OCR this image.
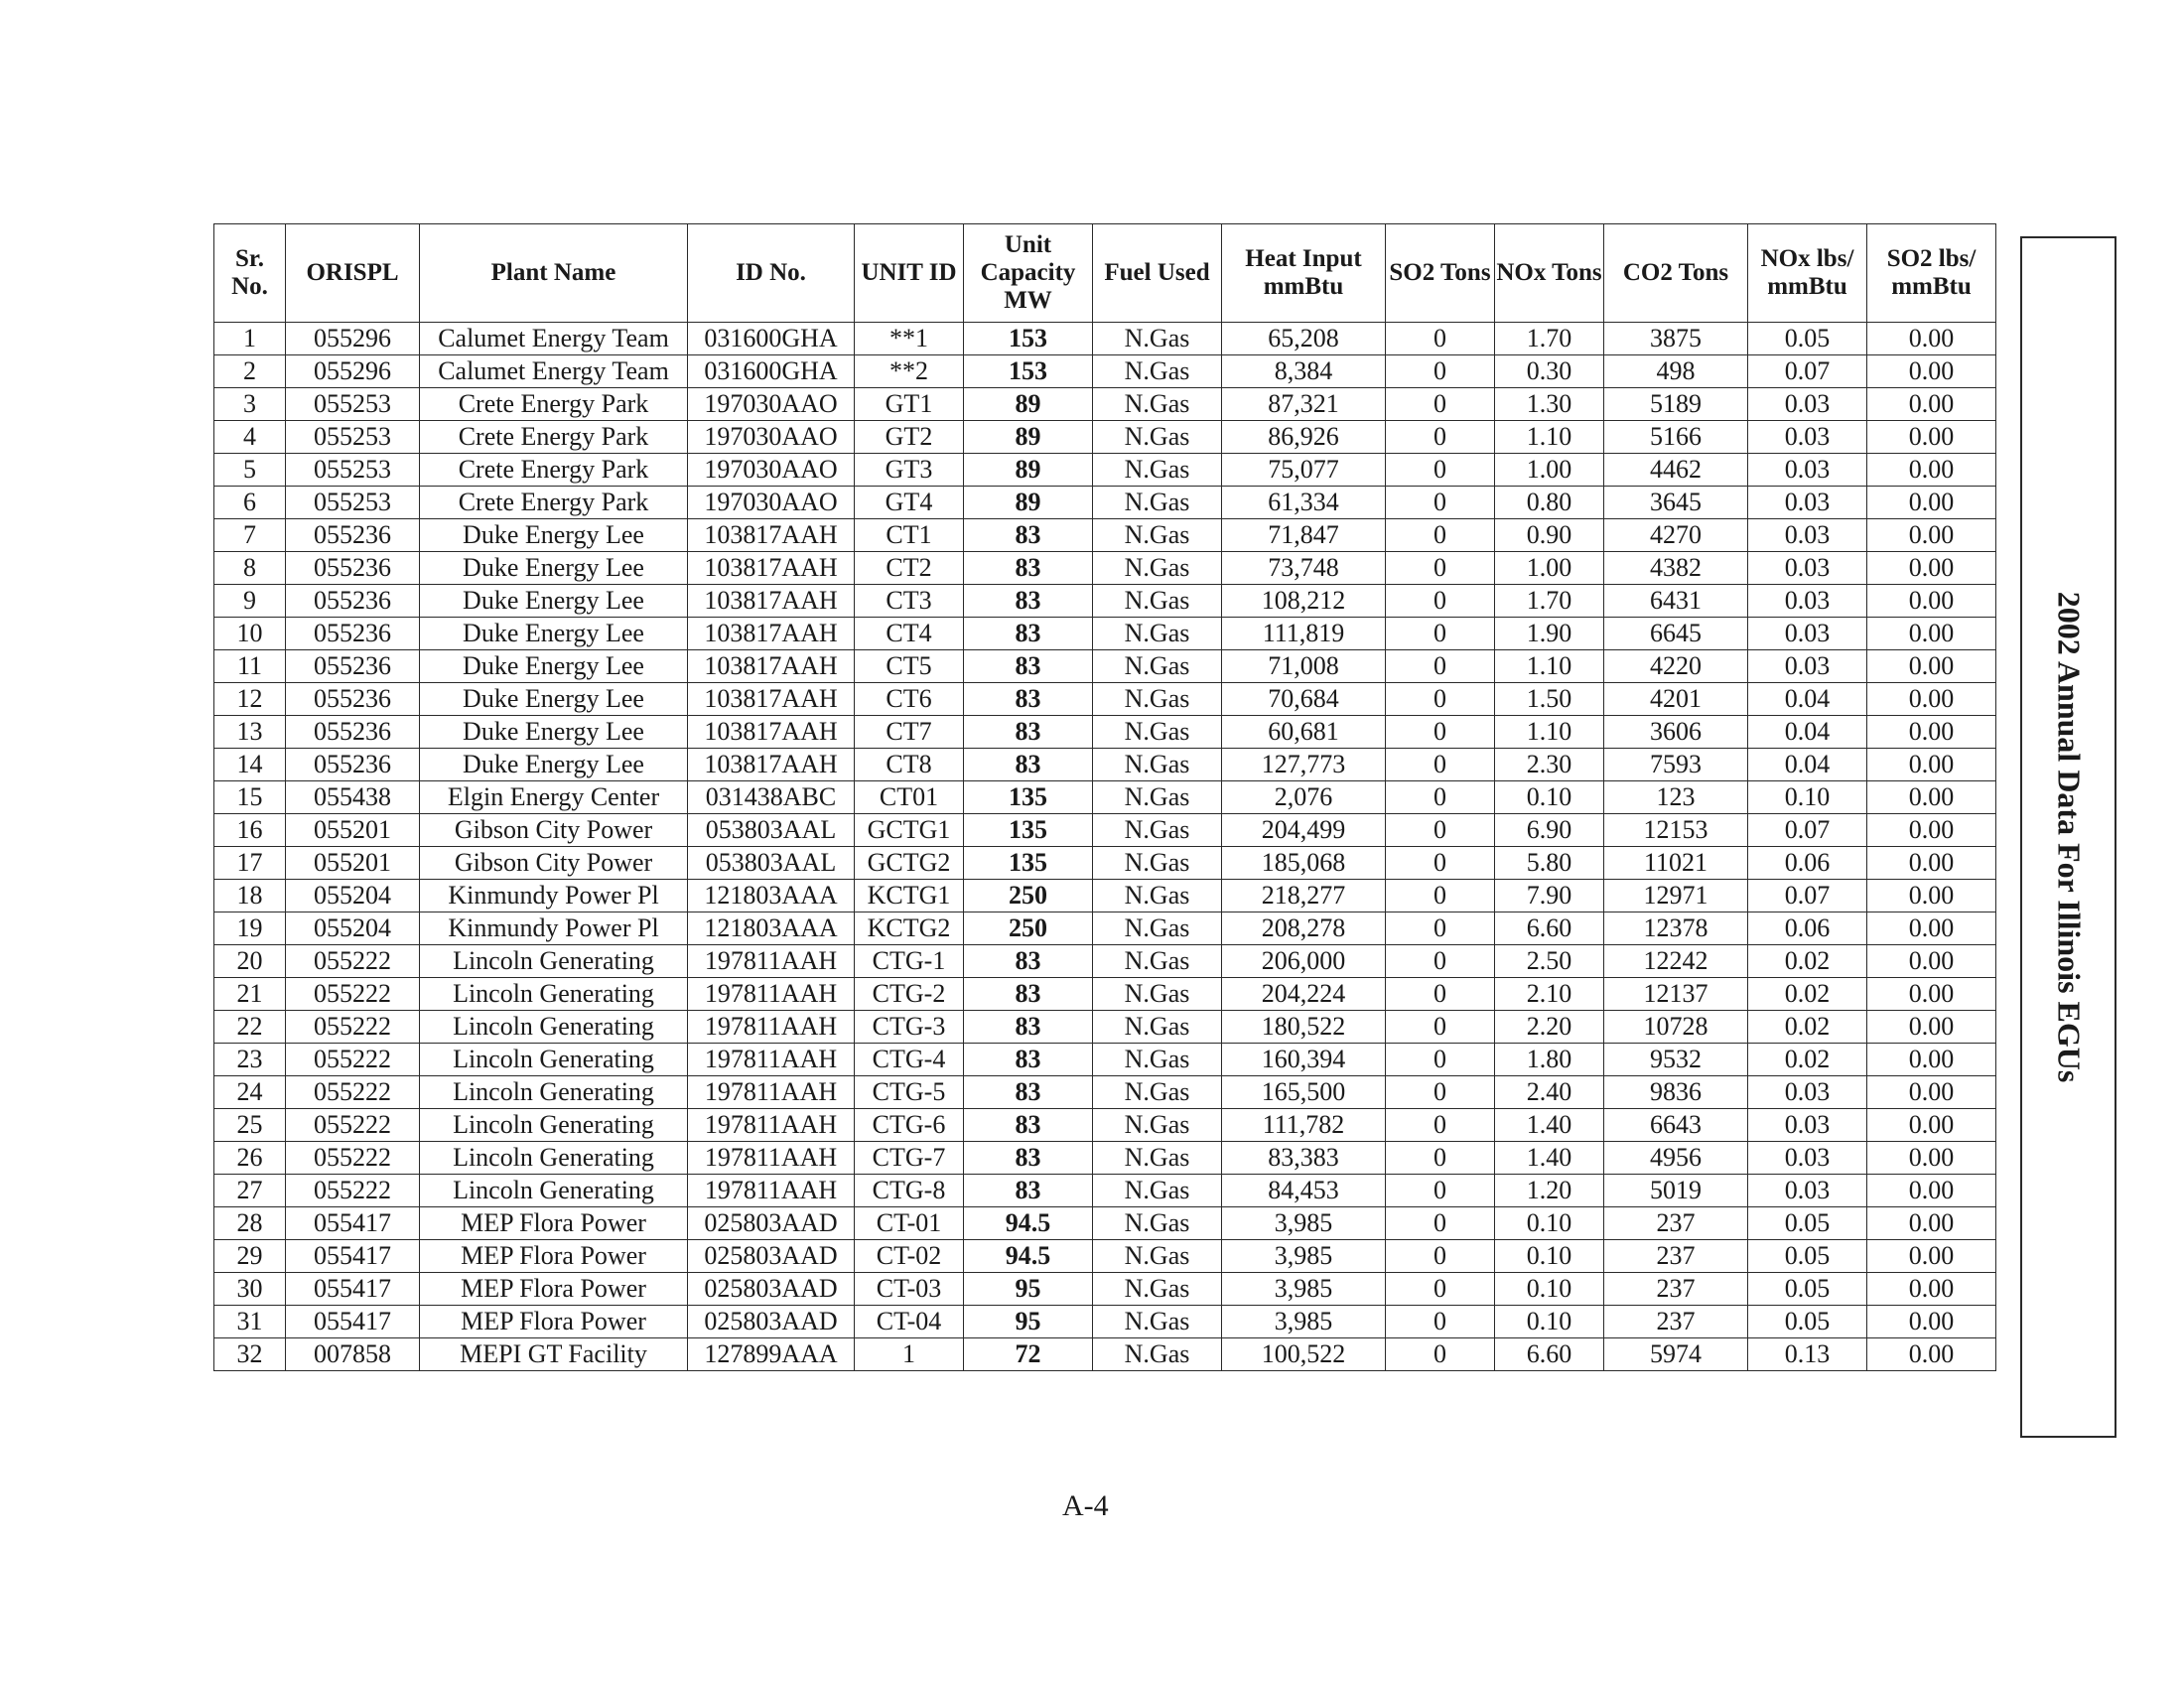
Sr. No.	ORISPL	Plant Name	ID No.	UNIT ID	Unit Capacity MW	Fuel Used	Heat Input mmBtu	SO2 Tons	NOx Tons	CO2 Tons	NOx lbs/ mmBtu	SO2 lbs/ mmBtu
1	055296	Calumet Energy Team	031600GHA	**1	153	N.Gas	65,208	0	1.70	3875	0.05	0.00
2	055296	Calumet Energy Team	031600GHA	**2	153	N.Gas	8,384	0	0.30	498	0.07	0.00
3	055253	Crete Energy Park	197030AAO	GT1	89	N.Gas	87,321	0	1.30	5189	0.03	0.00
4	055253	Crete Energy Park	197030AAO	GT2	89	N.Gas	86,926	0	1.10	5166	0.03	0.00
5	055253	Crete Energy Park	197030AAO	GT3	89	N.Gas	75,077	0	1.00	4462	0.03	0.00
6	055253	Crete Energy Park	197030AAO	GT4	89	N.Gas	61,334	0	0.80	3645	0.03	0.00
7	055236	Duke Energy Lee	103817AAH	CT1	83	N.Gas	71,847	0	0.90	4270	0.03	0.00
8	055236	Duke Energy Lee	103817AAH	CT2	83	N.Gas	73,748	0	1.00	4382	0.03	0.00
9	055236	Duke Energy Lee	103817AAH	CT3	83	N.Gas	108,212	0	1.70	6431	0.03	0.00
10	055236	Duke Energy Lee	103817AAH	CT4	83	N.Gas	111,819	0	1.90	6645	0.03	0.00
11	055236	Duke Energy Lee	103817AAH	CT5	83	N.Gas	71,008	0	1.10	4220	0.03	0.00
12	055236	Duke Energy Lee	103817AAH	CT6	83	N.Gas	70,684	0	1.50	4201	0.04	0.00
13	055236	Duke Energy Lee	103817AAH	CT7	83	N.Gas	60,681	0	1.10	3606	0.04	0.00
14	055236	Duke Energy Lee	103817AAH	CT8	83	N.Gas	127,773	0	2.30	7593	0.04	0.00
15	055438	Elgin Energy Center	031438ABC	CT01	135	N.Gas	2,076	0	0.10	123	0.10	0.00
16	055201	Gibson City Power	053803AAL	GCTG1	135	N.Gas	204,499	0	6.90	12153	0.07	0.00
17	055201	Gibson City Power	053803AAL	GCTG2	135	N.Gas	185,068	0	5.80	11021	0.06	0.00
18	055204	Kinmundy Power Pl	121803AAA	KCTG1	250	N.Gas	218,277	0	7.90	12971	0.07	0.00
19	055204	Kinmundy Power Pl	121803AAA	KCTG2	250	N.Gas	208,278	0	6.60	12378	0.06	0.00
20	055222	Lincoln Generating	197811AAH	CTG-1	83	N.Gas	206,000	0	2.50	12242	0.02	0.00
21	055222	Lincoln Generating	197811AAH	CTG-2	83	N.Gas	204,224	0	2.10	12137	0.02	0.00
22	055222	Lincoln Generating	197811AAH	CTG-3	83	N.Gas	180,522	0	2.20	10728	0.02	0.00
23	055222	Lincoln Generating	197811AAH	CTG-4	83	N.Gas	160,394	0	1.80	9532	0.02	0.00
24	055222	Lincoln Generating	197811AAH	CTG-5	83	N.Gas	165,500	0	2.40	9836	0.03	0.00
25	055222	Lincoln Generating	197811AAH	CTG-6	83	N.Gas	111,782	0	1.40	6643	0.03	0.00
26	055222	Lincoln Generating	197811AAH	CTG-7	83	N.Gas	83,383	0	1.40	4956	0.03	0.00
27	055222	Lincoln Generating	197811AAH	CTG-8	83	N.Gas	84,453	0	1.20	5019	0.03	0.00
28	055417	MEP Flora Power	025803AAD	CT-01	94.5	N.Gas	3,985	0	0.10	237	0.05	0.00
29	055417	MEP Flora Power	025803AAD	CT-02	94.5	N.Gas	3,985	0	0.10	237	0.05	0.00
30	055417	MEP Flora Power	025803AAD	CT-03	95	N.Gas	3,985	0	0.10	237	0.05	0.00
31	055417	MEP Flora Power	025803AAD	CT-04	95	N.Gas	3,985	0	0.10	237	0.05	0.00
32	007858	MEPI GT Facility	127899AAA	1	72	N.Gas	100,522	0	6.60	5974	0.13	0.00
2002 Annual Data For Illinois EGUs
A-4
